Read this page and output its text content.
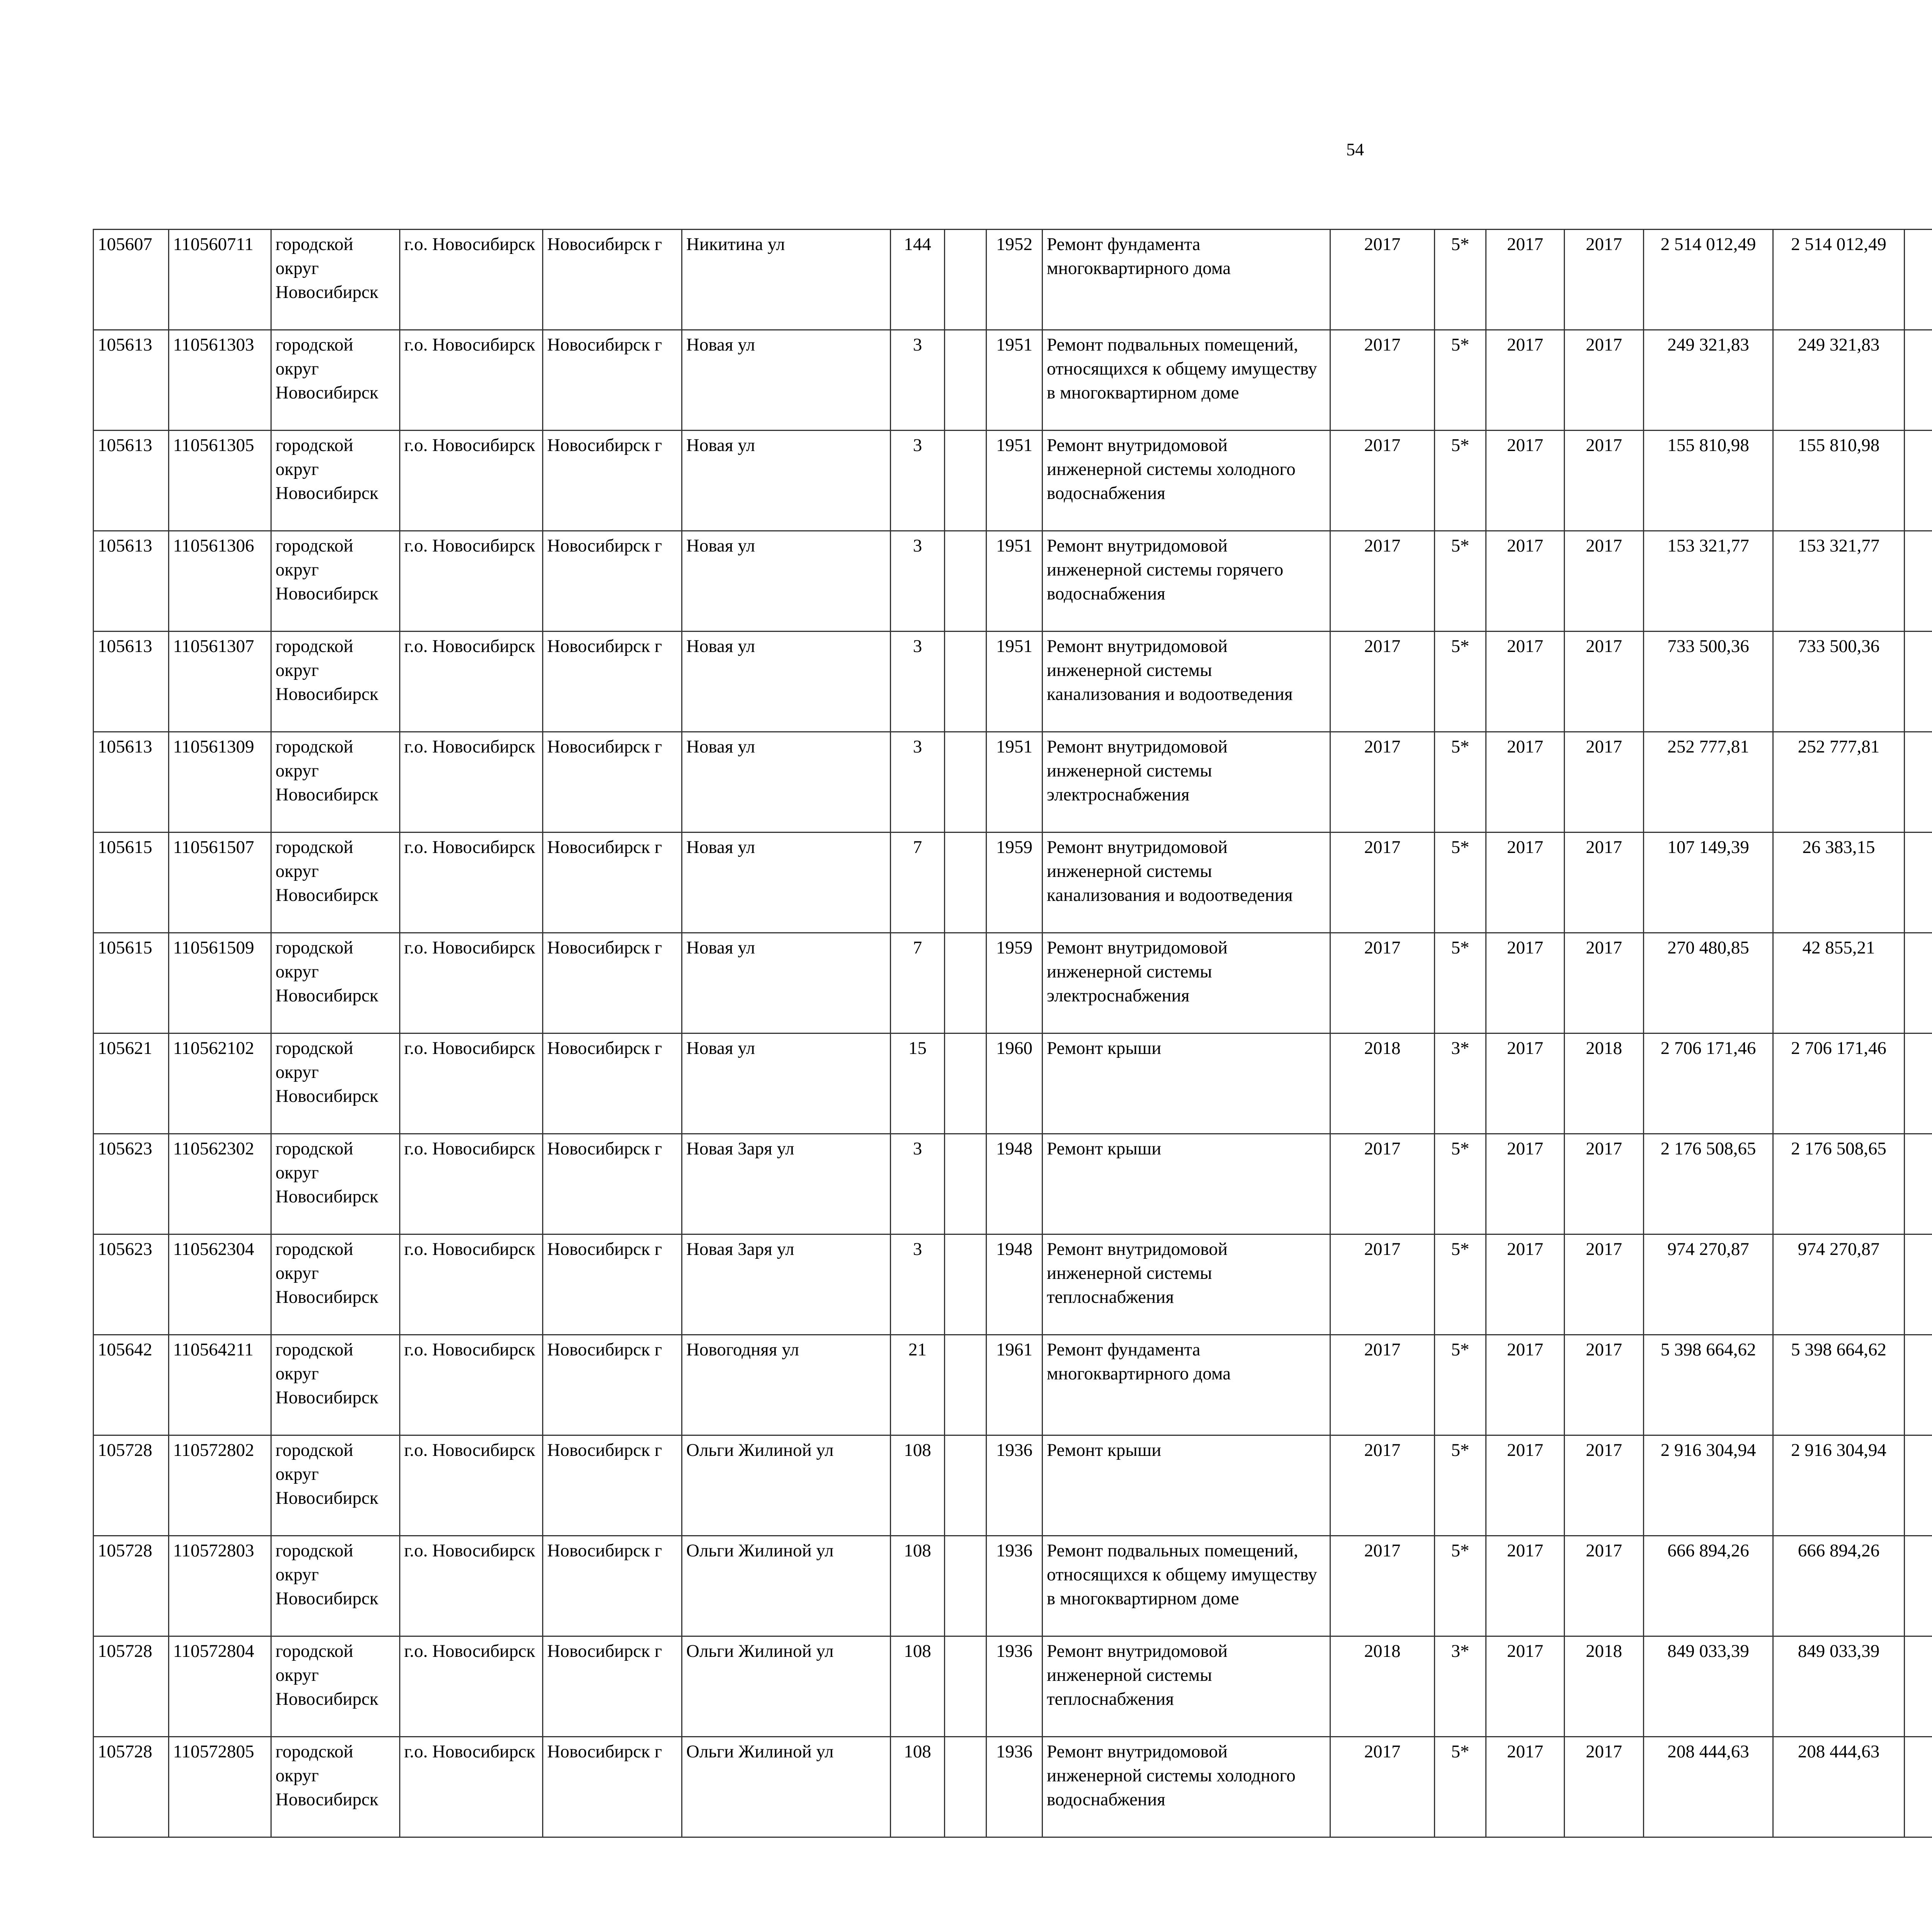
54
105607	110560711	городской округ Новосибирск	г.о. Новосибирск	Новосибирск г	Никитина ул	144		1952	Ремонт фундамента многоквартирного дома	2017	5*	2017	2017	2 514 012,49	2 514 012,49						
105613	110561303	городской округ Новосибирск	г.о. Новосибирск	Новосибирск г	Новая ул	3		1951	Ремонт подвальных помещений, относящихся к общему имуществу в многоквартирном доме	2017	5*	2017	2017	249 321,83	249 321,83						
105613	110561305	городской округ Новосибирск	г.о. Новосибирск	Новосибирск г	Новая ул	3		1951	Ремонт внутридомовой инженерной системы холодного водоснабжения	2017	5*	2017	2017	155 810,98	155 810,98						
105613	110561306	городской округ Новосибирск	г.о. Новосибирск	Новосибирск г	Новая ул	3		1951	Ремонт внутридомовой инженерной системы горячего водоснабжения	2017	5*	2017	2017	153 321,77	153 321,77						
105613	110561307	городской округ Новосибирск	г.о. Новосибирск	Новосибирск г	Новая ул	3		1951	Ремонт внутридомовой инженерной системы канализования и водоотведения	2017	5*	2017	2017	733 500,36	733 500,36						
105613	110561309	городской округ Новосибирск	г.о. Новосибирск	Новосибирск г	Новая ул	3		1951	Ремонт внутридомовой инженерной системы электроснабжения	2017	5*	2017	2017	252 777,81	252 777,81						
105615	110561507	городской округ Новосибирск	г.о. Новосибирск	Новосибирск г	Новая ул	7		1959	Ремонт внутридомовой инженерной системы канализования и водоотведения	2017	5*	2017	2017	107 149,39	26 383,15						
105615	110561509	городской округ Новосибирск	г.о. Новосибирск	Новосибирск г	Новая ул	7		1959	Ремонт внутридомовой инженерной системы электроснабжения	2017	5*	2017	2017	270 480,85	42 855,21						
105621	110562102	городской округ Новосибирск	г.о. Новосибирск	Новосибирск г	Новая ул	15		1960	Ремонт крыши	2018	3*	2017	2018	2 706 171,46	2 706 171,46						
105623	110562302	городской округ Новосибирск	г.о. Новосибирск	Новосибирск г	Новая Заря ул	3		1948	Ремонт крыши	2017	5*	2017	2017	2 176 508,65	2 176 508,65						
105623	110562304	городской округ Новосибирск	г.о. Новосибирск	Новосибирск г	Новая Заря ул	3		1948	Ремонт внутридомовой инженерной системы теплоснабжения	2017	5*	2017	2017	974 270,87	974 270,87						
105642	110564211	городской округ Новосибирск	г.о. Новосибирск	Новосибирск г	Новогодняя ул	21		1961	Ремонт фундамента многоквартирного дома	2017	5*	2017	2017	5 398 664,62	5 398 664,62						
105728	110572802	городской округ Новосибирск	г.о. Новосибирск	Новосибирск г	Ольги Жилиной ул	108		1936	Ремонт крыши	2017	5*	2017	2017	2 916 304,94	2 916 304,94						
105728	110572803	городской округ Новосибирск	г.о. Новосибирск	Новосибирск г	Ольги Жилиной ул	108		1936	Ремонт подвальных помещений, относящихся к общему имуществу в многоквартирном доме	2017	5*	2017	2017	666 894,26	666 894,26						
105728	110572804	городской округ Новосибирск	г.о. Новосибирск	Новосибирск г	Ольги Жилиной ул	108		1936	Ремонт внутридомовой инженерной системы теплоснабжения	2018	3*	2017	2018	849 033,39	849 033,39						
105728	110572805	городской округ Новосибирск	г.о. Новосибирск	Новосибирск г	Ольги Жилиной ул	108		1936	Ремонт внутридомовой инженерной системы холодного водоснабжения	2017	5*	2017	2017	208 444,63	208 444,63						
